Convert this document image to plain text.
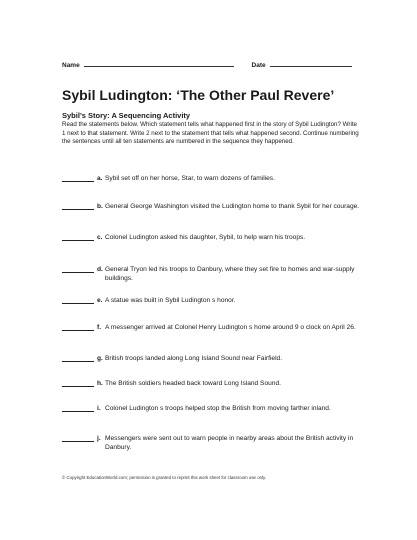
Name	Date
Sybil Ludington: ‘The Other Paul Revere’
Sybil’s Story: A Sequencing Activity
Read the statements below. Which statement tells what happened first in the story of Sybil Ludington? Write 1 next to that statement. Write 2 next to the statement that tells what happened second. Continue numbering the sentences until all ten statements are numbered in the sequence they happened.
a. Sybil set off on her horse, Star, to warn dozens of families.
b. General George Washington visited the Ludington home to thank Sybil for her courage.
c. Colonel Ludington asked his daughter, Sybil, to help warn his troops.
d. General Tryon led his troops to Danbury, where they set fire to homes and war-supply buildings.
e. A statue was built in Sybil Ludington s honor.
f. A messenger arrived at Colonel Henry Ludington s home around 9 o clock on April 26.
g. British troops landed along Long Island Sound near Fairfield.
h. The British soldiers headed back toward Long Island Sound.
i. Colonel Ludington s troops helped stop the British from moving farther inland.
j. Messengers were sent out to warn people in nearby areas about the British activity in Danbury.
© Copyright EducationWorld.com; permission is granted to reprint this work sheet for classroom use only.
